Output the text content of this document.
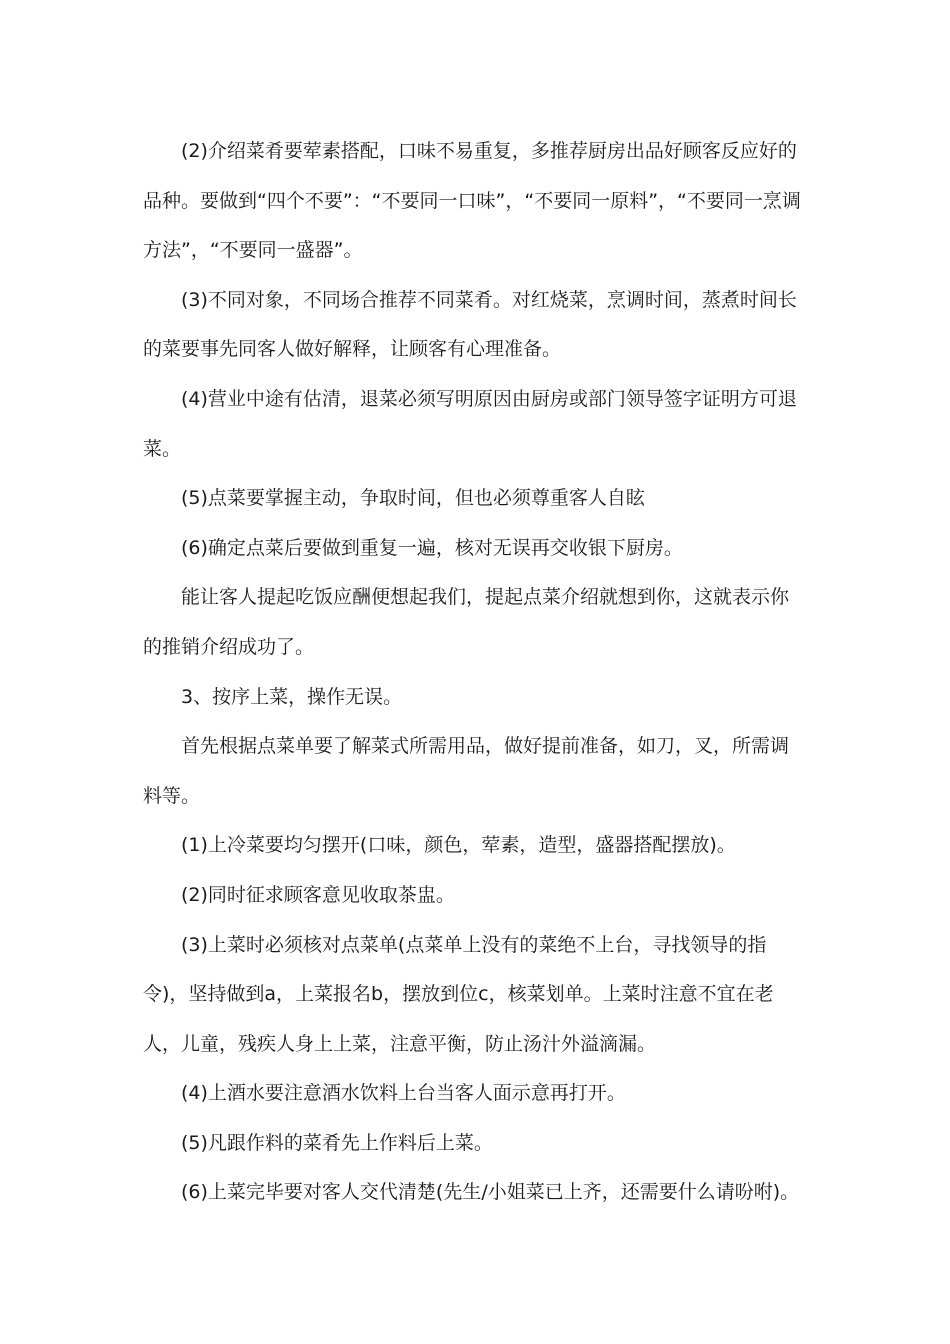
(2)介绍菜肴要荤素搭配，口味不易重复，多推荐厨房出品好顾客反应好的品种。要做到“四个不要”：“不要同一口味”，“不要同一原料”，“不要同一烹调方法”，“不要同一盛器”。

(3)不同对象，不同场合推荐不同菜肴。对红烧菜，烹调时间，蒸煮时间长的菜要事先同客人做好解释，让顾客有心理准备。

(4)营业中途有估清，退菜必须写明原因由厨房或部门领导签字证明方可退菜。

(5)点菜要掌握主动，争取时间，但也必须尊重客人自眩

(6)确定点菜后要做到重复一遍，核对无误再交收银下厨房。

能让客人提起吃饭应酬便想起我们，提起点菜介绍就想到你，这就表示你的推销介绍成功了。

3、按序上菜，操作无误。

首先根据点菜单要了解菜式所需用品，做好提前准备，如刀，叉，所需调料等。

(1)上冷菜要均匀摆开(口味，颜色，荤素，造型，盛器搭配摆放)。

(2)同时征求顾客意见收取茶盅。

(3)上菜时必须核对点菜单(点菜单上没有的菜绝不上台，寻找领导的指令)，坚持做到a，上菜报名b，摆放到位c，核菜划单。上菜时注意不宜在老人，儿童，残疾人身上上菜，注意平衡，防止汤汁外溢滴漏。

(4)上酒水要注意酒水饮料上台当客人面示意再打开。

(5)凡跟作料的菜肴先上作料后上菜。

(6)上菜完毕要对客人交代清楚(先生/小姐菜已上齐，还需要什么请吩咐)。
